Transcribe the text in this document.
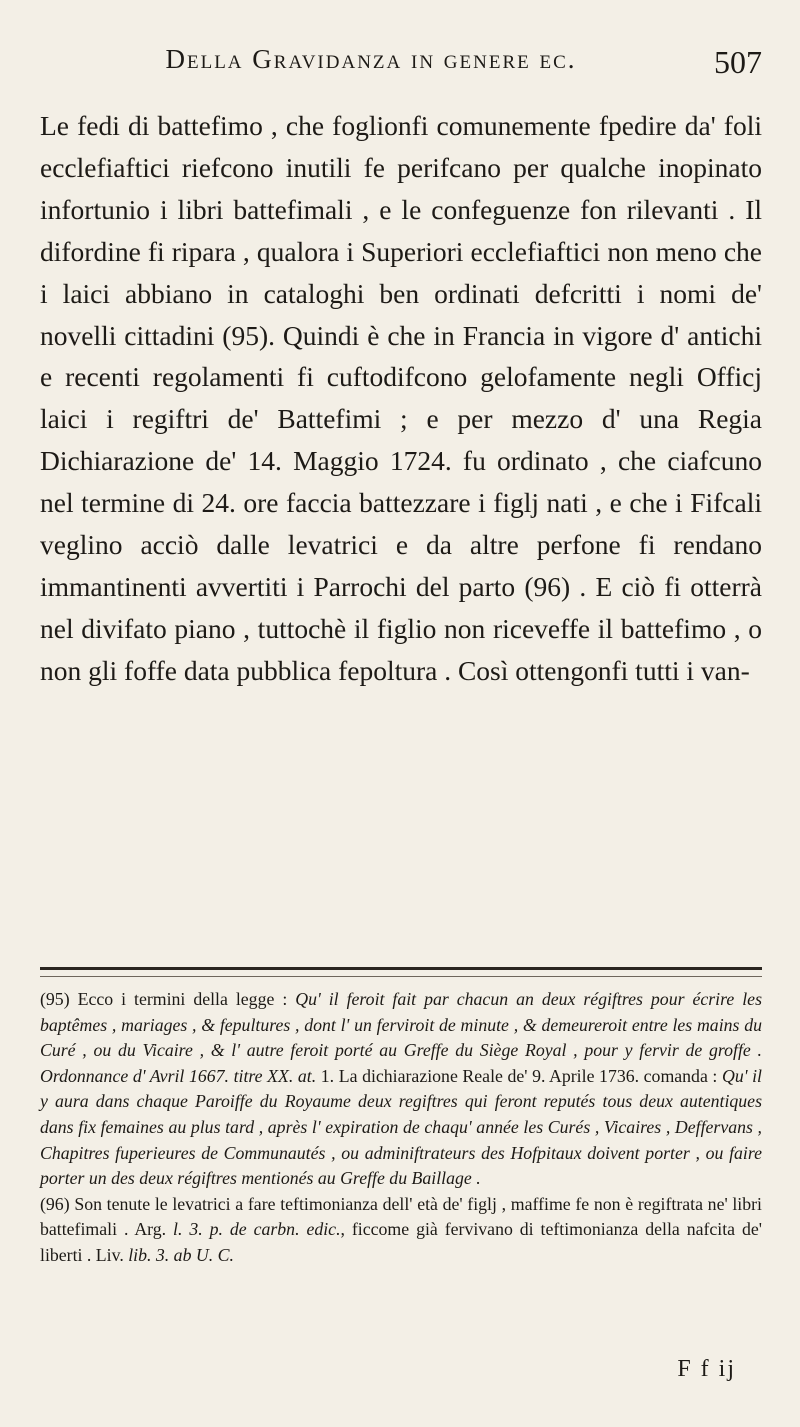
Della Gravidanza in genere ec.	507

Le fedi di battefimo , che foglionfi comunemente fpedire da' foli ecclefiaftici riefcono inutili fe perifcano per qualche inopinato infortunio i libri battefimali , e le confeguenze fon rilevanti . Il difordine fi ripara , qualora i Superiori ecclefiaftici non meno che i laici abbiano in cataloghi ben ordinati defcritti i nomi de' novelli cittadini (95). Quindi è che in Francia in vigore d' antichi e recenti regolamenti fi cuftodifcono gelofamente negli Officj laici i regiftri de' Battefimi ; e per mezzo d' una Regia Dichiarazione de' 14. Maggio 1724. fu ordinato , che ciafcuno nel termine di 24. ore faccia battezzare i figlj nati , e che i Fifcali veglino acciò dalle levatrici e da altre perfone fi rendano immantinenti avvertiti i Parrochi del parto (96) . E ciò fi otterrà nel divifato piano , tuttochè il figlio non riceveffe il battefimo , o non gli foffe data pubblica fepoltura . Così ottengonfi tutti i van-

(95) Ecco i termini della legge : Qu' il feroit fait par chacun an deux régiftres pour écrire les baptêmes , mariages , & fepultures , dont l' un ferviroit de minute , & demeureroit entre les mains du Curé , ou du Vicaire , & l' autre feroit porté au Greffe du Siège Royal , pour y fervir de groffe . Ordonnance d' Avril 1667. titre XX. at. 1. La dichiarazione Reale de' 9. Aprile 1736. comanda : Qu' il y aura dans chaque Paroiffe du Royaume deux regiftres qui feront reputés tous deux autentiques dans fix femaines au plus tard , après l' expiration de chaqu' année les Curés , Vicaires , Deffervans , Chapitres fuperieures de Communautés , ou adminiftrateurs des Hofpitaux doivent porter , ou faire porter un des deux régiftres mentionés au Greffe du Baillage .

(96) Son tenute le levatrici a fare teftimonianza dell' età de' figlj , maffime fe non è regiftrata ne' libri battefimali . Arg. l. 3. p. de carbn. edic., ficcome già fervivano di teftimonianza della nafcita de' liberti . Liv. lib. 3. ab U. C.

F f ij
